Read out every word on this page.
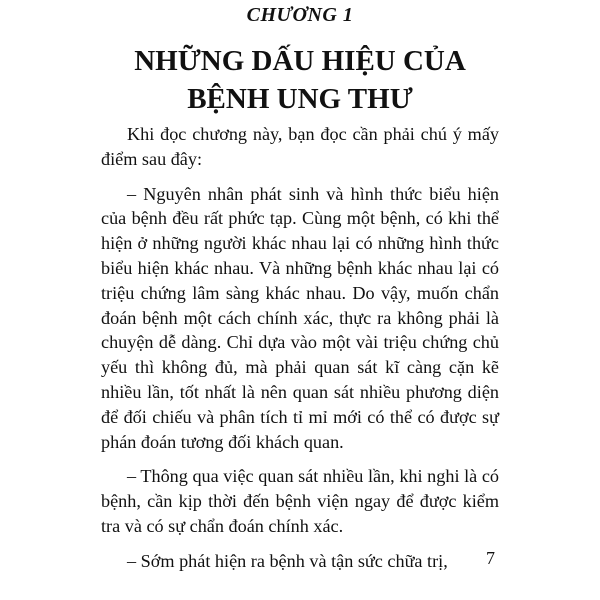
CHƯƠNG 1
NHỮNG DẤU HIỆU CỦA
BỆNH UNG THƯ

Khi đọc chương này, bạn đọc cần phải chú ý mấy điểm sau đây:

– Nguyên nhân phát sinh và hình thức biểu hiện của bệnh đều rất phức tạp. Cùng một bệnh, có khi thể hiện ở những người khác nhau lại có những hình thức biểu hiện khác nhau. Và những bệnh khác nhau lại có triệu chứng lâm sàng khác nhau. Do vậy, muốn chẩn đoán bệnh một cách chính xác, thực ra không phải là chuyện dễ dàng. Chỉ dựa vào một vài triệu chứng chủ yếu thì không đủ, mà phải quan sát kĩ càng cặn kẽ nhiều lần, tốt nhất là nên quan sát nhiều phương diện để đối chiếu và phân tích tỉ mỉ mới có thể có được sự phán đoán tương đối khách quan.

– Thông qua việc quan sát nhiều lần, khi nghi là có bệnh, cần kịp thời đến bệnh viện ngay để được kiểm tra và có sự chẩn đoán chính xác.

– Sớm phát hiện ra bệnh và tận sức chữa trị,	7
